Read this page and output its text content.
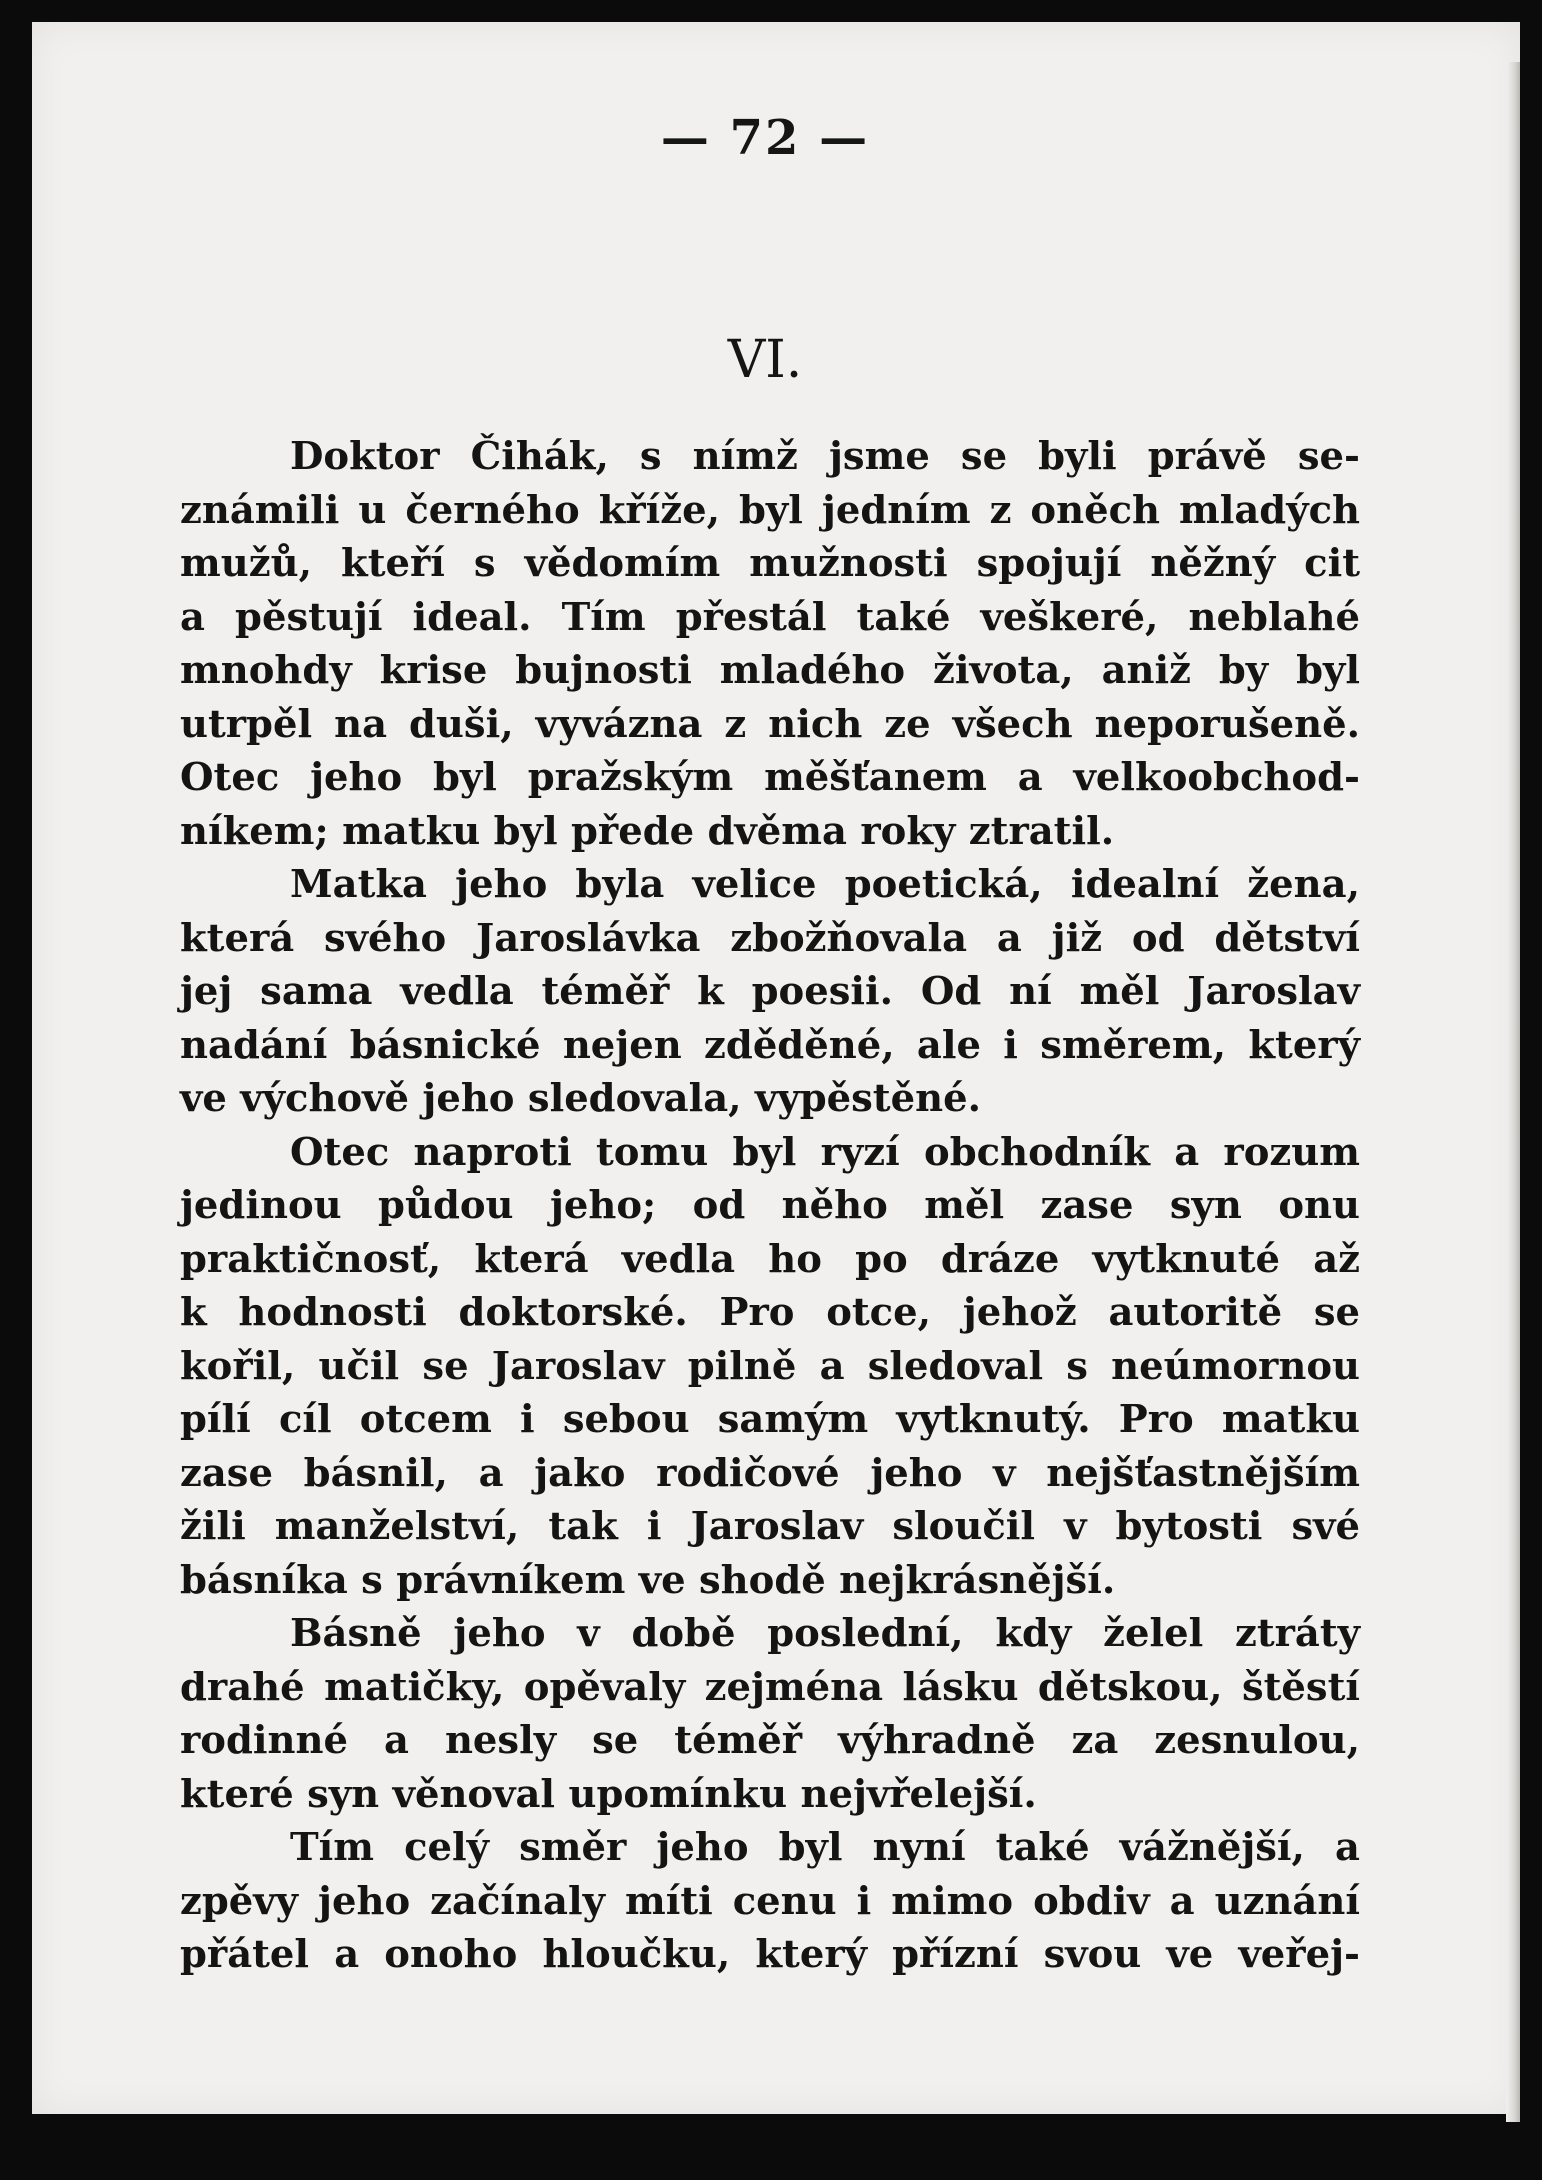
— 72 —
VI.

Doktor Čihák, s nímž jsme se byli právě se-
známili u černého kříže, byl jedním z oněch mladých
mužů, kteří s vědomím mužnosti spojují něžný cit
a pěstují ideal. Tím přestál také veškeré, neblahé
mnohdy krise bujnosti mladého života, aniž by byl
utrpěl na duši, vyvázna z nich ze všech neporušeně.
Otec jeho byl pražským měšťanem a velkoobchod-
níkem; matku byl přede dvěma roky ztratil.

Matka jeho byla velice poetická, idealní žena,
která svého Jaroslávka zbožňovala a již od dětství
jej sama vedla téměř k poesii. Od ní měl Jaroslav
nadání básnické nejen zděděné, ale i směrem, který
ve výchově jeho sledovala, vypěstěné.

Otec naproti tomu byl ryzí obchodník a rozum
jedinou půdou jeho; od něho měl zase syn onu
praktičnosť, která vedla ho po dráze vytknuté až
k hodnosti doktorské. Pro otce, jehož autoritě se
kořil, učil se Jaroslav pilně a sledoval s neúmornou
pílí cíl otcem i sebou samým vytknutý. Pro matku
zase básnil, a jako rodičové jeho v nejšťastnějším
žili manželství, tak i Jaroslav sloučil v bytosti své
básníka s právníkem ve shodě nejkrásnější.

Básně jeho v době poslední, kdy želel ztráty
drahé matičky, opěvaly zejména lásku dětskou, štěstí
rodinné a nesly se téměř výhradně za zesnulou,
které syn věnoval upomínku nejvřelejší.

Tím celý směr jeho byl nyní také vážnější, a
zpěvy jeho začínaly míti cenu i mimo obdiv a uznání
přátel a onoho hloučku, který přízní svou ve veřej-
